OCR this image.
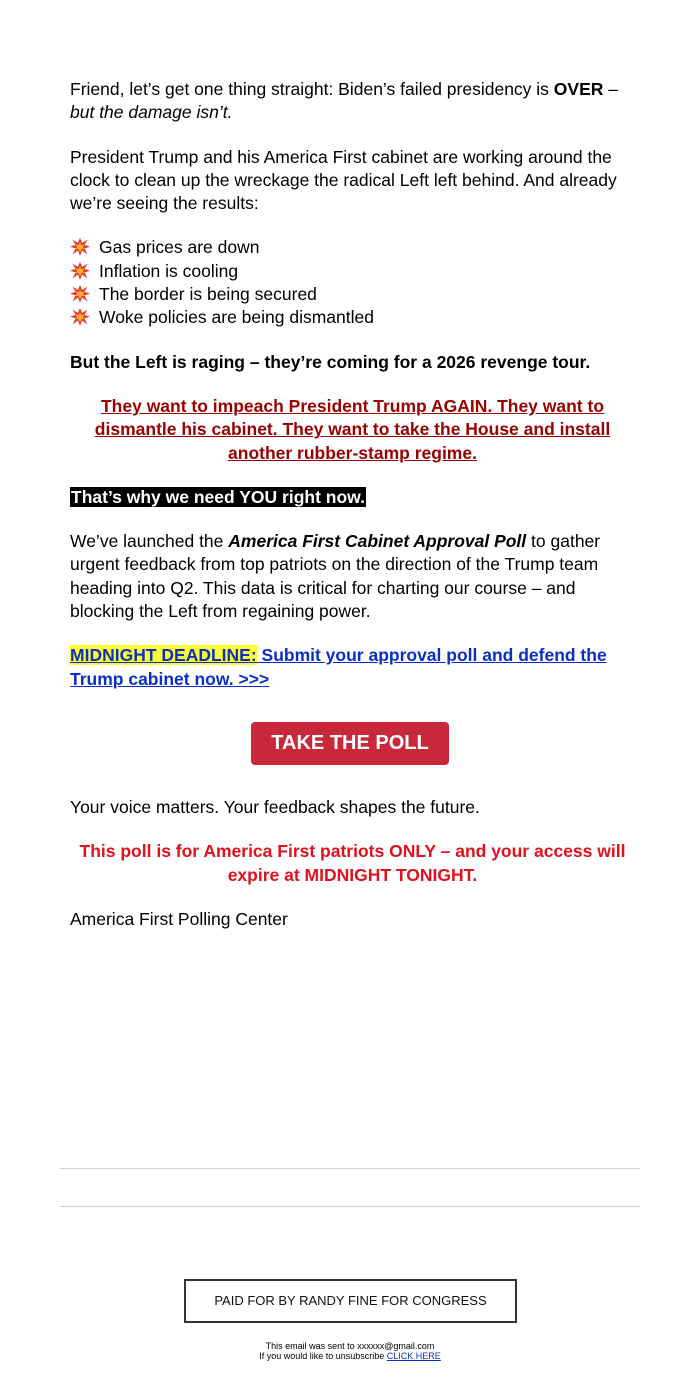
Friend, let’s get one thing straight: Biden’s failed presidency is OVER – but the damage isn’t.

President Trump and his America First cabinet are working around the clock to clean up the wreckage the radical Left left behind. And already we’re seeing the results:

Gas prices are down
Inflation is cooling
The border is being secured
Woke policies are being dismantled

But the Left is raging – they’re coming for a 2026 revenge tour.

They want to impeach President Trump AGAIN. They want to dismantle his cabinet. They want to take the House and install another rubber-stamp regime.

That’s why we need YOU right now.

We’ve launched the America First Cabinet Approval Poll to gather urgent feedback from top patriots on the direction of the Trump team heading into Q2. This data is critical for charting our course – and blocking the Left from regaining power.

MIDNIGHT DEADLINE: Submit your approval poll and defend the Trump cabinet now. >>>

TAKE THE POLL

Your voice matters. Your feedback shapes the future.

This poll is for America First patriots ONLY – and your access will expire at MIDNIGHT TONIGHT.

America First Polling Center

PAID FOR BY RANDY FINE FOR CONGRESS
This email was sent to xxxxxx@gmail.com
If you would like to unsubscribe CLICK HERE
